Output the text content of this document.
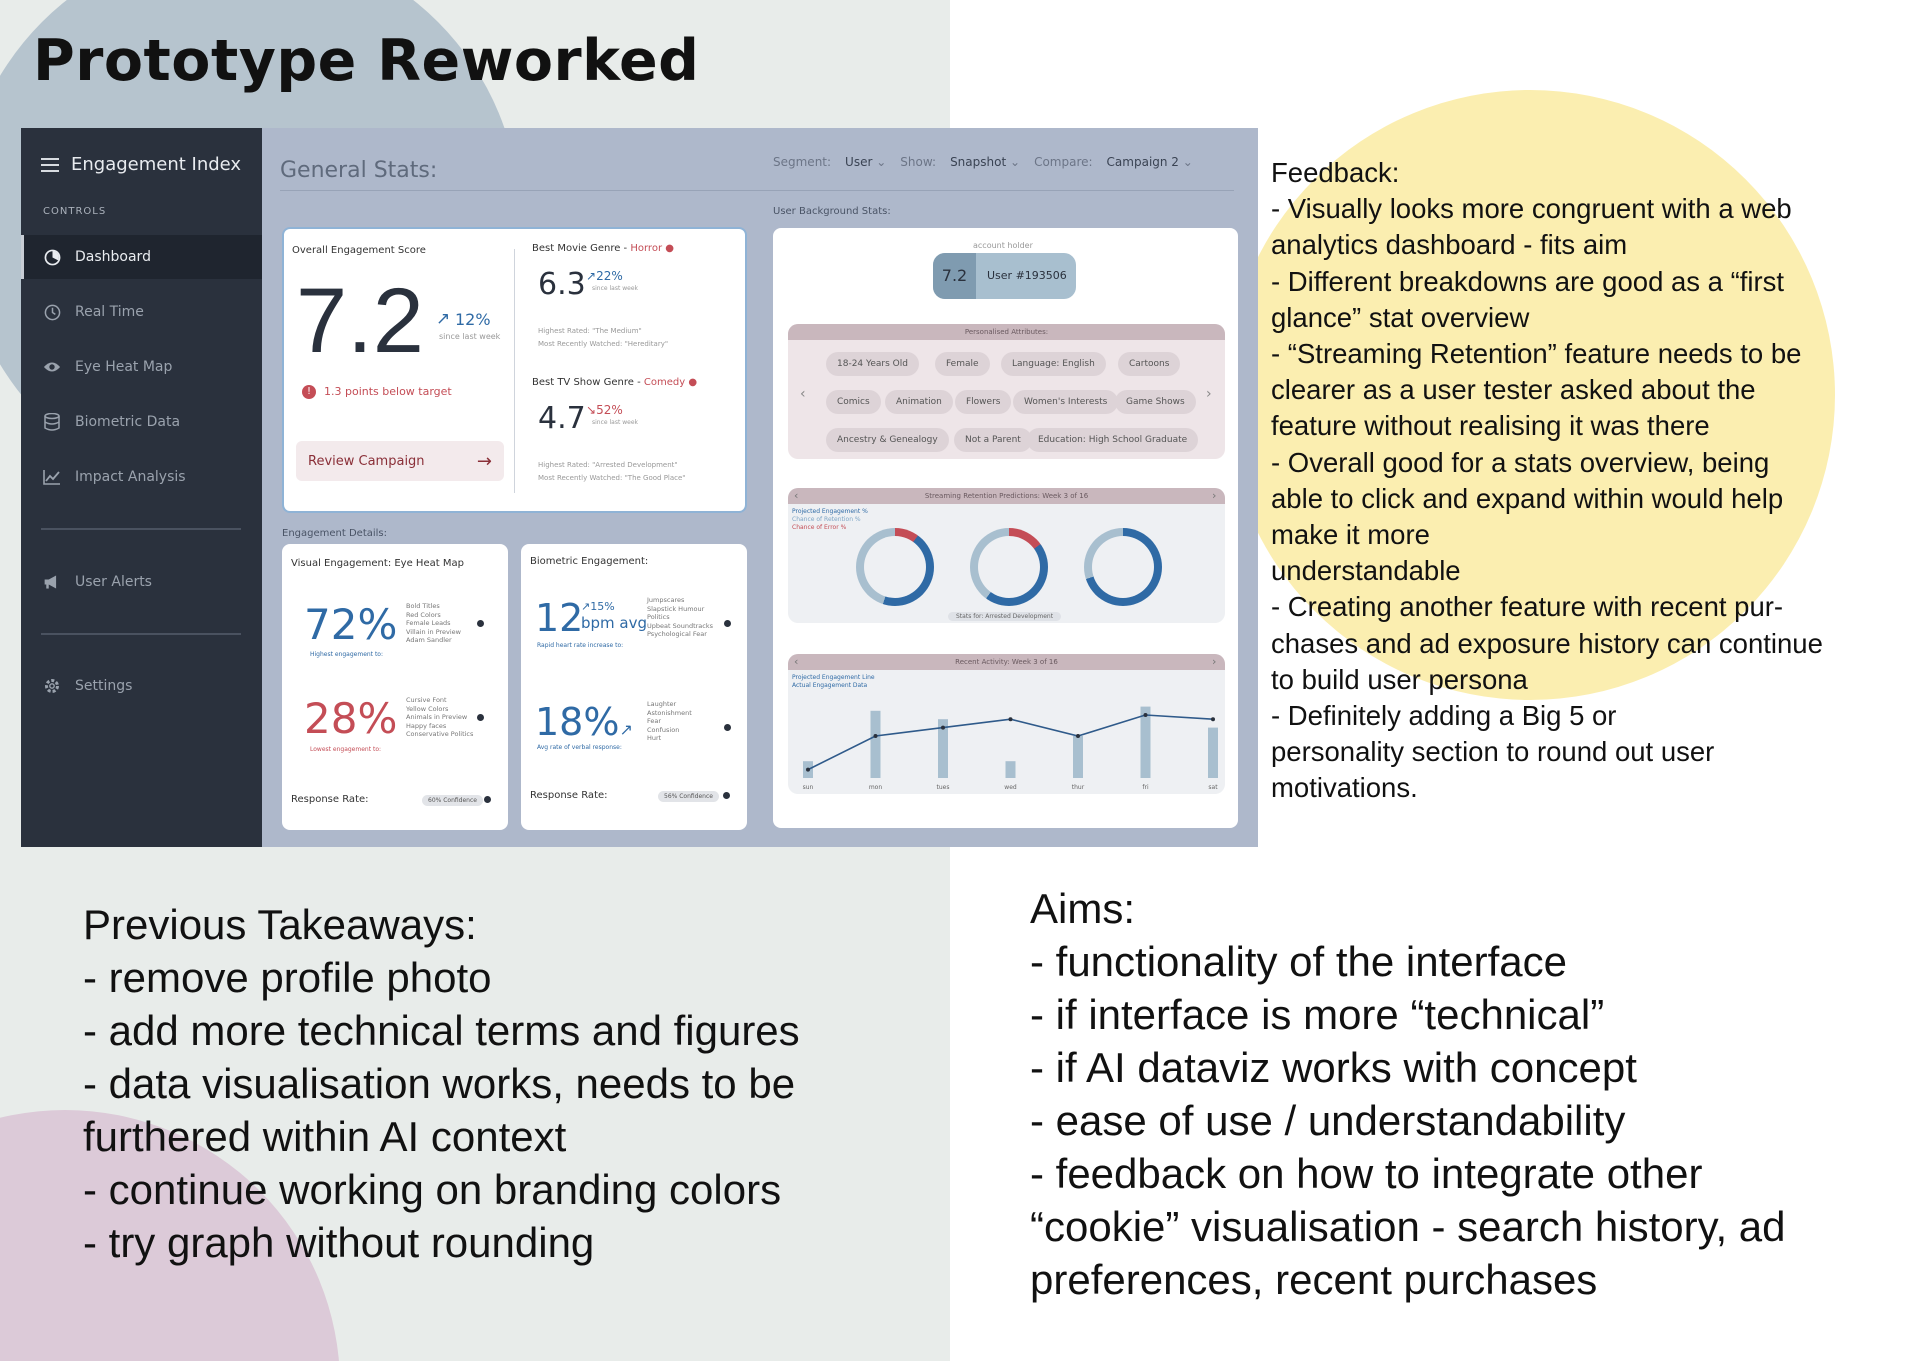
Prototype Reworked
Engagement Index
CONTROLS
Dashboard
Real Time
Eye Heat Map
Biometric Data
Impact Analysis
User Alerts
Settings
General Stats:	Segment: User ⌄ Show: Snapshot ⌄ Compare: Campaign 2 ⌄
Overall Engagement Score
7.2 ↗ 12%
since last week
!	1.3 points below target
Review Campaign	→
Best Movie Genre - Horror ●
6.3 ↗22%
since last week
Highest Rated: "The Medium"
Most Recently Watched: "Hereditary"
Best TV Show Genre - Comedy ●
4.7 ↘52%
since last week
Highest Rated: "Arrested Development"
Most Recently Watched: "The Good Place"
Engagement Details:
Visual Engagement: Eye Heat Map
72%
Highest engagement to:
Bold Titles
Red Colors
Female Leads
Villain in Preview
Adam Sandler
28%
Lowest engagement to:
Cursive Font
Yellow Colors
Animals in Preview
Happy faces
Conservative Politics
Response Rate:	60% Confidence
Biometric Engagement:
12
↗15%
bpm avg
Rapid heart rate increase to:
Jumpscares
Slapstick Humour
Politics
Upbeat Soundtracks
Psychological Fear
18%↗
Avg rate of verbal response:
Laughter
Astonishment
Fear
Confusion
Hurt
Response Rate:	56% Confidence
User Background Stats:
account holder
7.2	User #193506
Personalised Attributes:
‹	›
18-24 Years Old	Female	Language: English	Cartoons
Comics	Animation	Flowers	Women's Interests	Game Shows
Ancestry & Genealogy	Not a Parent	Education: High School Graduate
Streaming Retention Predictions: Week 3 of 16
‹	›
Projected Engagement %
Chance of Retention %
Chance of Error %
Stats for: Arrested Development
Recent Activity: Week 3 of 16
‹	›
Projected Engagement Line
Actual Engagement Data
sun	mon	tues	wed	thur	fri	sat
Feedback:
- Visually looks more congruent with a web
analytics dashboard - fits aim
- Different breakdowns are good as a “first
glance” stat overview
- “Streaming Retention” feature needs to be
clearer as a user tester asked about the
feature without realising it was there
- Overall good for a stats overview, being
able to click and expand within would help
make it more
understandable
- Creating another feature with recent pur-
chases and ad exposure history can continue
to build user persona
- Definitely adding a Big 5 or
personality section to round out user
motivations.
Previous Takeaways:
- remove profile photo
- add more technical terms and figures
- data visualisation works, needs to be
furthered within AI context
- continue working on branding colors
- try graph without rounding
Aims:
- functionality of the interface
- if interface is more “technical”
- if AI dataviz works with concept
- ease of use / understandability
- feedback on how to integrate other
“cookie” visualisation - search history, ad
preferences, recent purchases
